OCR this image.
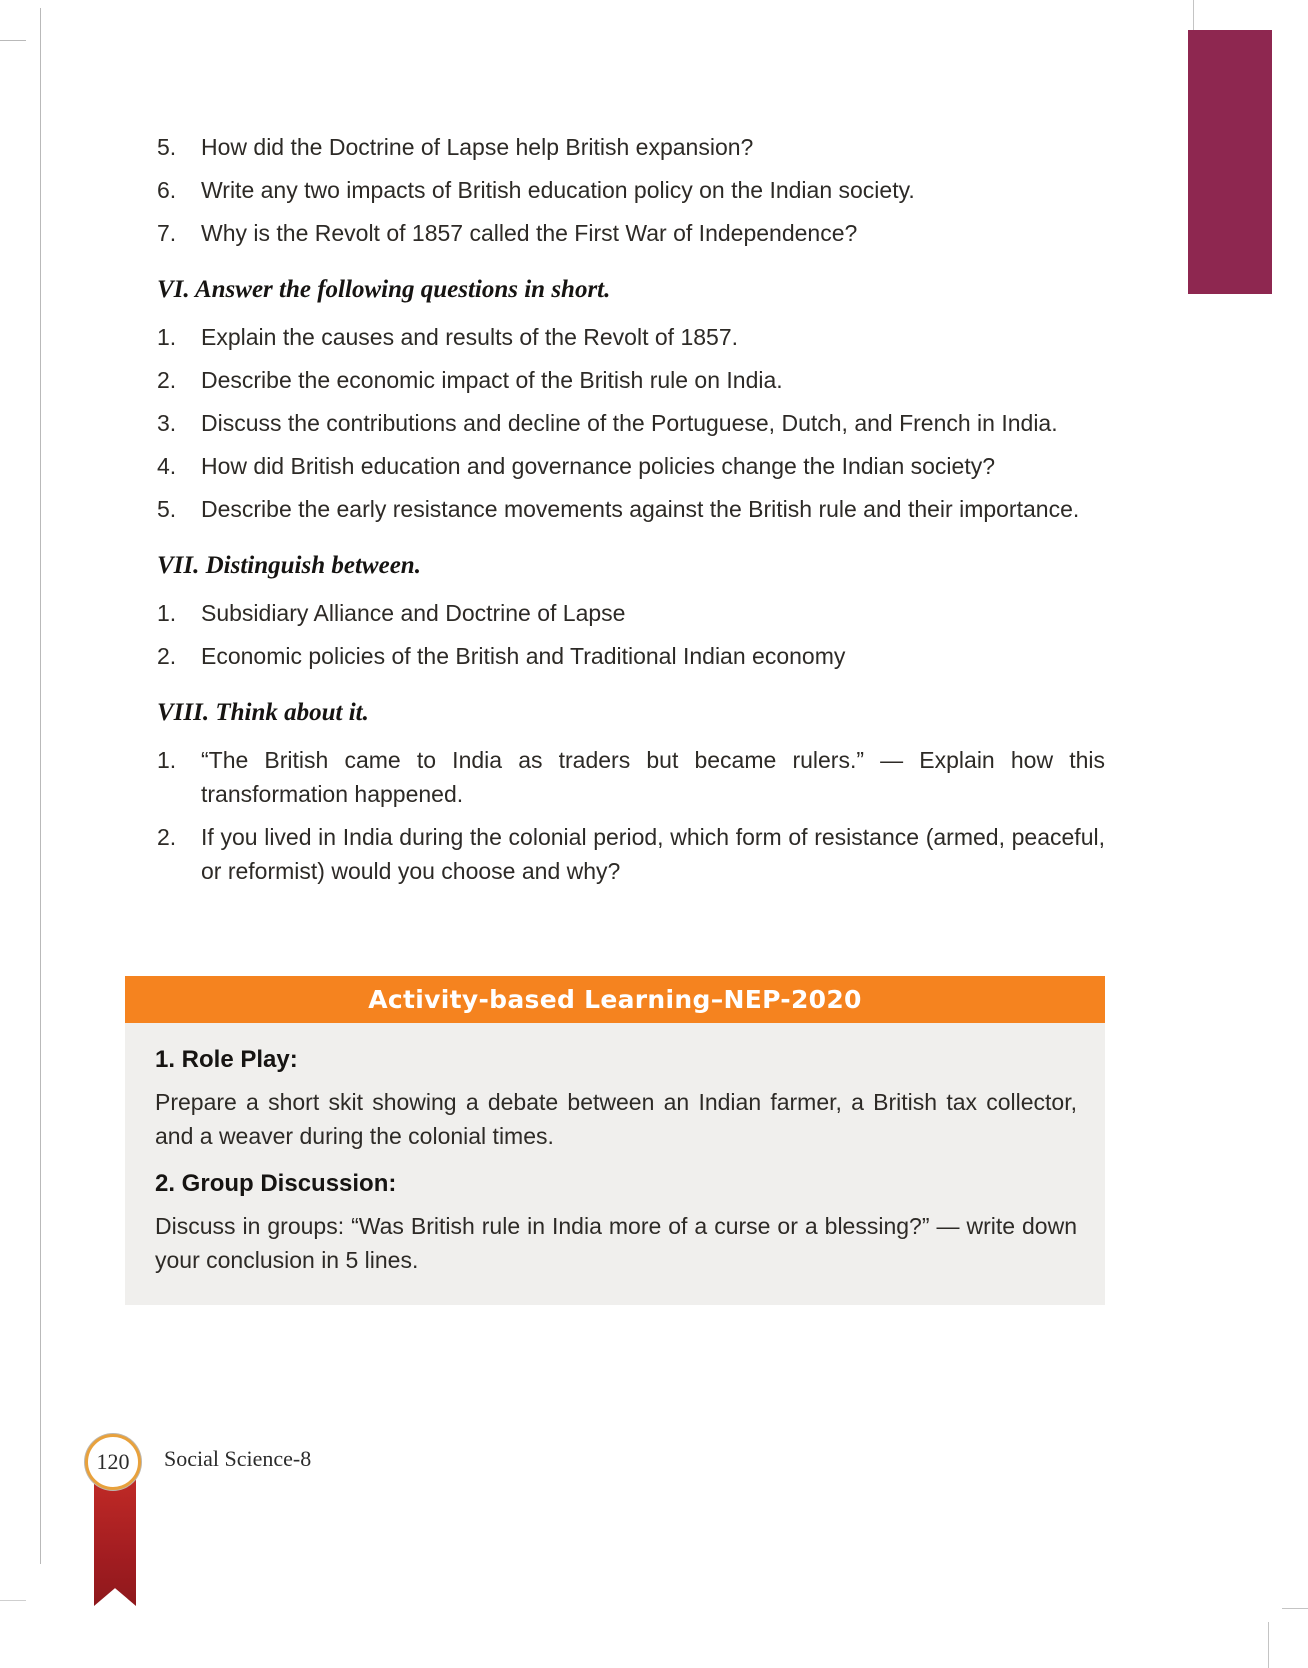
5.	How did the Doctrine of Lapse help British expansion?
6.	Write any two impacts of British education policy on the Indian society.
7.	Why is the Revolt of 1857 called the First War of Independence?
VI. Answer the following questions in short.
1.	Explain the causes and results of the Revolt of 1857.
2.	Describe the economic impact of the British rule on India.
3.	Discuss the contributions and decline of the Portuguese, Dutch, and French in India.
4.	How did British education and governance policies change the Indian society?
5.	Describe the early resistance movements against the British rule and their importance.
VII. Distinguish between.
1.	Subsidiary Alliance and Doctrine of Lapse
2.	Economic policies of the British and Traditional Indian economy
VIII. Think about it.
1.	“The British came to India as traders but became rulers.” — Explain how this transformation happened.
2.	If you lived in India during the colonial period, which form of resistance (armed, peaceful, or reformist) would you choose and why?
Activity-based Learning–NEP-2020
1. Role Play:

Prepare a short skit showing a debate between an Indian farmer, a British tax collector, and a weaver during the colonial times.

2. Group Discussion:

Discuss in groups: “Was British rule in India more of a curse or a blessing?” — write down your conclusion in 5 lines.

120 Social Science-8
